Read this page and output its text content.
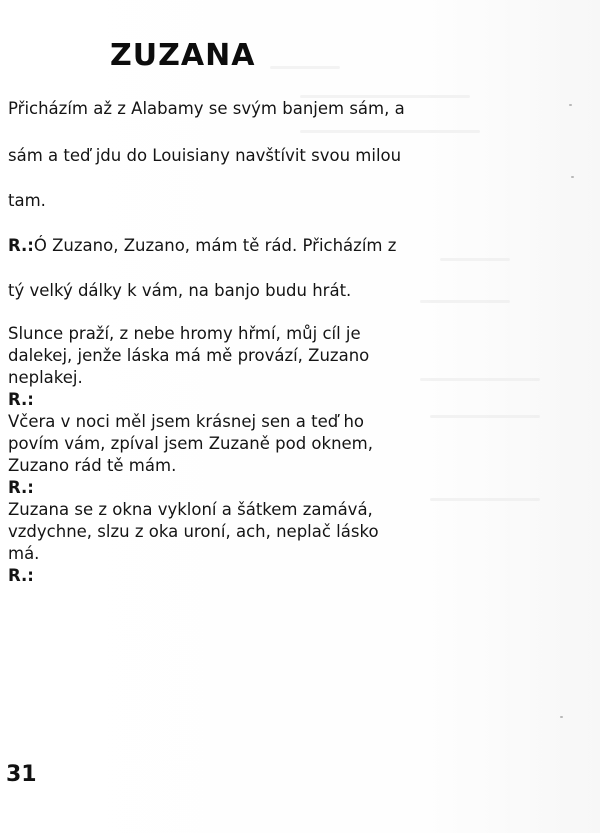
ZUZANA
Přicházím až z Alabamy se svým banjem sám, a
sám a teď jdu do Louisiany navštívit svou milou
tam.
R.:Ó Zuzano, Zuzano, mám tě rád. Přicházím z
tý velký dálky k vám, na banjo budu hrát.
Slunce praží, z nebe hromy hřmí, můj cíl je
dalekej, jenže láska má mě provází, Zuzano
neplakej.
R.:
Včera v noci měl jsem krásnej sen a teď ho
povím vám, zpíval jsem Zuzaně pod oknem,
Zuzano rád tě mám.
R.:
Zuzana se z okna vykloní a šátkem zamává,
vzdychne, slzu z oka uroní, ach, neplač lásko
má.
R.:
31
